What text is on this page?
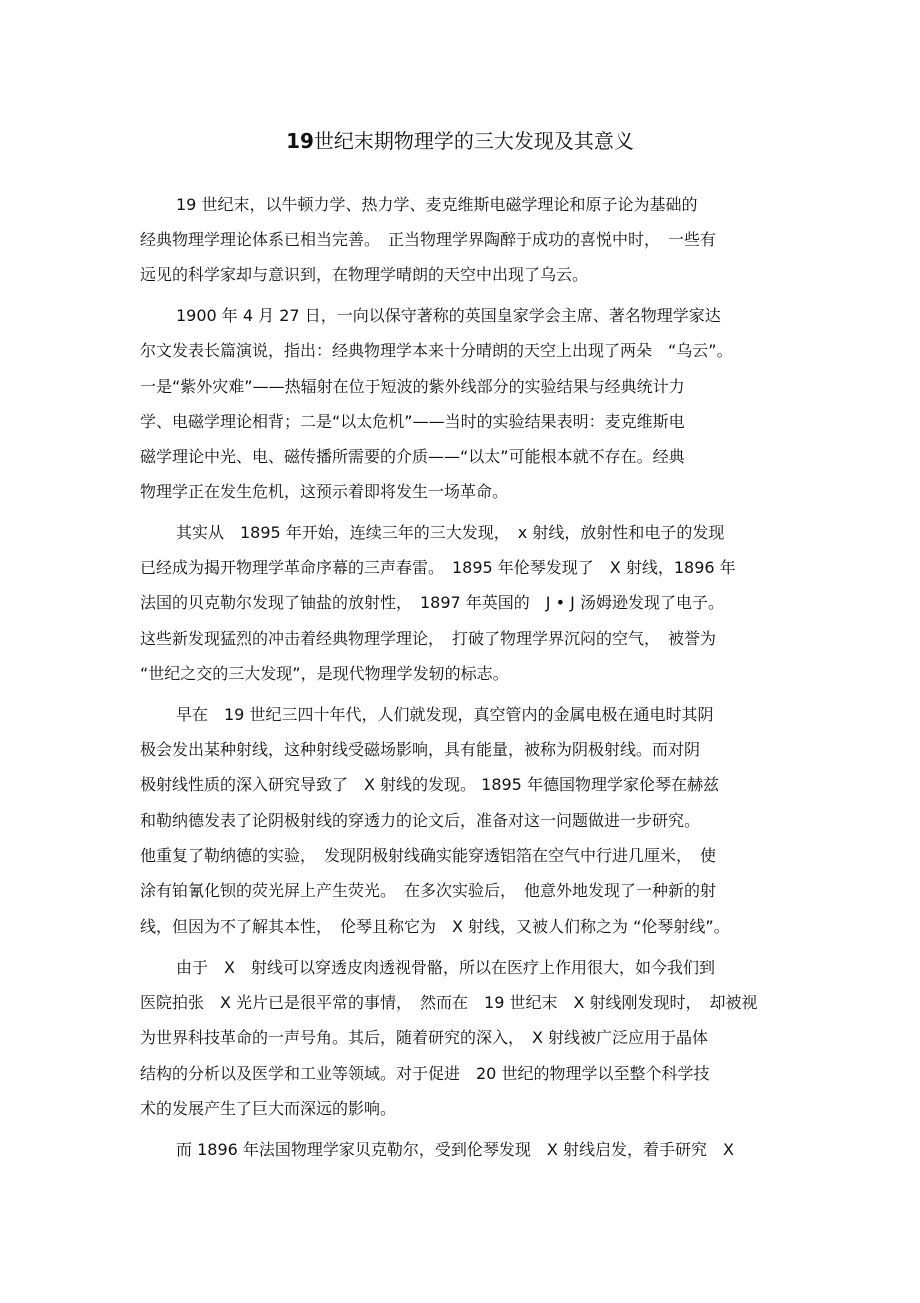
19世纪末期物理学的三大发现及其意义
19 世纪末，以牛顿力学、热力学、麦克维斯电磁学理论和原子论为基础的
经典物理学理论体系已相当完善。　正当物理学界陶醉于成功的喜悦中时，　一些有
远见的科学家却与意识到，在物理学晴朗的天空中出现了乌云。
1900 年 4 月 27 日，一向以保守著称的英国皇家学会主席、著名物理学家达
尔文发表长篇演说，指出：经典物理学本来十分晴朗的天空上出现了两朵　“乌云”。
一是“紫外灾难”——热辐射在位于短波的紫外线部分的实验结果与经典统计力
学、电磁学理论相背；二是“以太危机”——当时的实验结果表明：麦克维斯电
磁学理论中光、电、磁传播所需要的介质——“以太”可能根本就不存在。经典
物理学正在发生危机，这预示着即将发生一场革命。
其实从　1895 年开始，连续三年的三大发现，　x 射线，放射性和电子的发现
已经成为揭开物理学革命序幕的三声春雷。　1895 年伦琴发现了　X 射线，1896 年
法国的贝克勒尔发现了铀盐的放射性，　1897 年英国的　J • J 汤姆逊发现了电子。
这些新发现猛烈的冲击着经典物理学理论，　打破了物理学界沉闷的空气，　被誉为
“世纪之交的三大发现”，是现代物理学发轫的标志。
早在　19 世纪三四十年代，人们就发现，真空管内的金属电极在通电时其阴
极会发出某种射线，这种射线受磁场影响，具有能量，被称为阴极射线。而对阴
极射线性质的深入研究导致了　X 射线的发现。 1895 年德国物理学家伦琴在赫兹
和勒纳德发表了论阴极射线的穿透力的论文后，准备对这一问题做进一步研究。
他重复了勒纳德的实验，　发现阴极射线确实能穿透铝箔在空气中行进几厘米，　使
涂有铂氰化钡的荧光屏上产生荧光。　在多次实验后，　他意外地发现了一种新的射
线，但因为不了解其本性，　伦琴且称它为　X 射线，又被人们称之为 “伦琴射线”。
由于　X　射线可以穿透皮肉透视骨骼，所以在医疗上作用很大，如今我们到
医院拍张　X 光片已是很平常的事情，　然而在　19 世纪末　X 射线刚发现时，　却被视
为世界科技革命的一声号角。其后，随着研究的深入，　X 射线被广泛应用于晶体
结构的分析以及医学和工业等领域。对于促进　20 世纪的物理学以至整个科学技
术的发展产生了巨大而深远的影响。
而 1896 年法国物理学家贝克勒尔，受到伦琴发现　X 射线启发，着手研究　X
